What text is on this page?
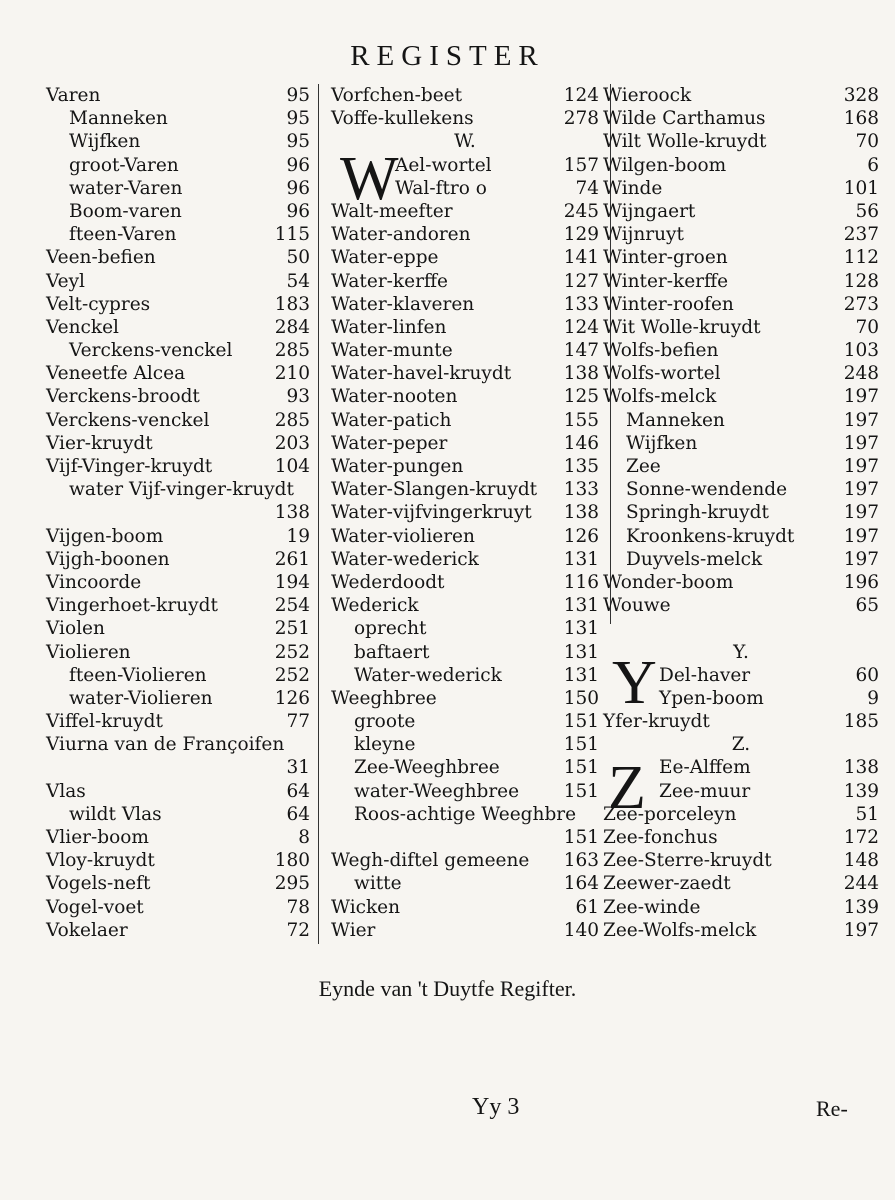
REGISTER
Varen	95
Manneken	95
Wijfken	95
groot-Varen	96
water-Varen	96
Boom-varen	96
fteen-Varen	115
Veen-befien	50
Veyl	54
Velt-cypres	183
Venckel	284
Verckens-venckel 285
Veneetfe Alcea	210
Verckens-broodt	93
Verckens-venckel	285
Vier-kruydt	203
Vijf-Vinger-kruydt	104
water Vijf-vinger-kruydt
138
Vijgen-boom	19
Vijgh-boonen	261
Vincoorde	194
Vingerhoet-kruydt	254
Violen	251
Violieren	252
fteen-Violieren	252
water-Violieren	126
Viffel-kruydt	77
Viurna van de Françoifen
31
Vlas	64
wildt Vlas	64
Vlier-boom	8
Vloy-kruydt	180
Vogels-neft	295
Vogel-voet	78
Vokelaer	72
Vorfchen-beet	124
Voffe-kullekens	278
W.
Ael-wortel	157
Wal-ftro o	74
Walt-meefter	245
Water-andoren	129
Water-eppe	141
Water-kerffe	127
Water-klaveren	133
Water-linfen	124
Water-munte	147
Water-havel-kruydt	138
Water-nooten	125
Water-patich	155
Water-peper	146
Water-pungen	135
Water-Slangen-kruydt 133
Water-vijfvingerkruyt 138
Water-violieren	126
Water-wederick	131
Wederdoodt	116
Wederick	131
oprecht	131
baftaert	131
Water-wederick	131
Weeghbree	150
groote	151
kleyne	151
Zee-Weeghbree	151
water-Weeghbree 151
Roos-achtige Weeghbre
151
Wegh-diftel gemeene 163
witte	164
Wicken	61
Wier	140
Wieroock	328
Wilde Carthamus	168
Wilt Wolle-kruydt	70
Wilgen-boom	6
Winde	101
Wijngaert	56
Wijnruyt	237
Winter-groen	112
Winter-kerffe	128
Winter-roofen	273
Wit Wolle-kruydt	70
Wolfs-befien	103
Wolfs-wortel	248
Wolfs-melck	197
Manneken	197
Wijfken	197
Zee	197
Sonne-wendende	197
Springh-kruydt	197
Kroonkens-kruydt	197
Duyvels-melck	197
Wonder-boom	196
Wouwe	65
Y.
Del-haver	60
Ypen-boom	9
Yfer-kruydt	185
Z.
Ee-Alffem	138
Zee-muur	139
Zee-porceleyn	51
Zee-fonchus	172
Zee-Sterre-kruydt	148
Zeewer-zaedt	244
Zee-winde	139
Zee-Wolfs-melck	197
W
Y
Z
Eynde van 't Duytfe Regifter.
Yy 3	Re-
